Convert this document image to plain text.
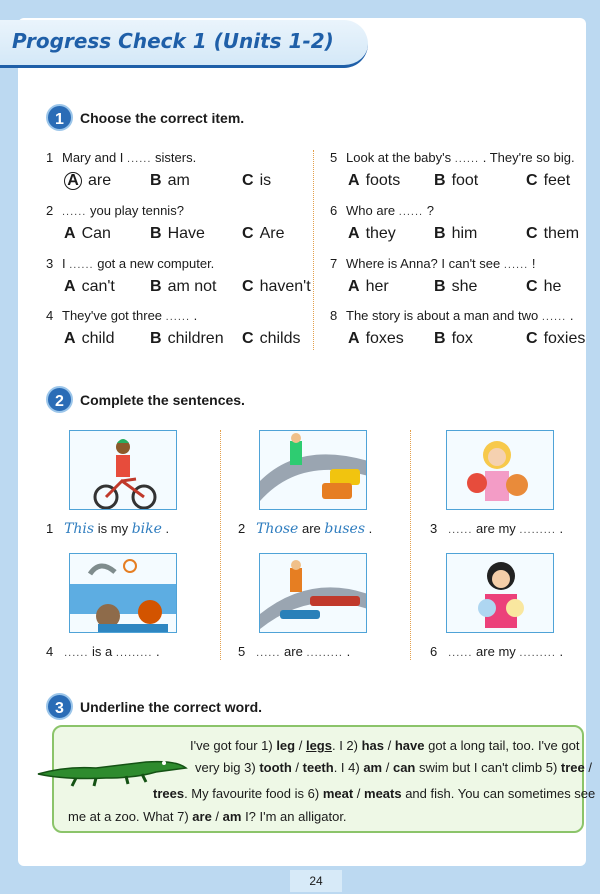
Progress Check 1 (Units 1-2)
1	Choose the correct item.
1 Mary and I ...... sisters.
A are B am	C is
2 ...... you play tennis?
A Can B Have C Are
3 I ...... got a new computer.
A can't B am not C haven't
4 They've got three ...... .
A child B children C childs
5 Look at the baby's ...... . They're so big.
A foots B foot	C feet
6 Who are ...... ?
A they B him	C them
7 Where is Anna? I can't see ...... !
A her	B she	C he
8 The story is about a man and two ...... .
A foxes B fox	C foxies
2	Complete the sentences.
1 This is my bike .	2 Those are buses .	3 ...... are my ......... .
4 ...... is a ......... .	5 ...... are ......... .	6 ...... are my ......... .
3	Underline the correct word.
I've got four 1) leg / legs. I 2) has / have got a long tail, too. I've got
very big 3) tooth / teeth. I 4) am / can swim but I can't climb 5) tree /
trees. My favourite food is 6) meat / meats and fish. You can sometimes see
me at a zoo. What 7) are / am I? I'm an alligator.
24
